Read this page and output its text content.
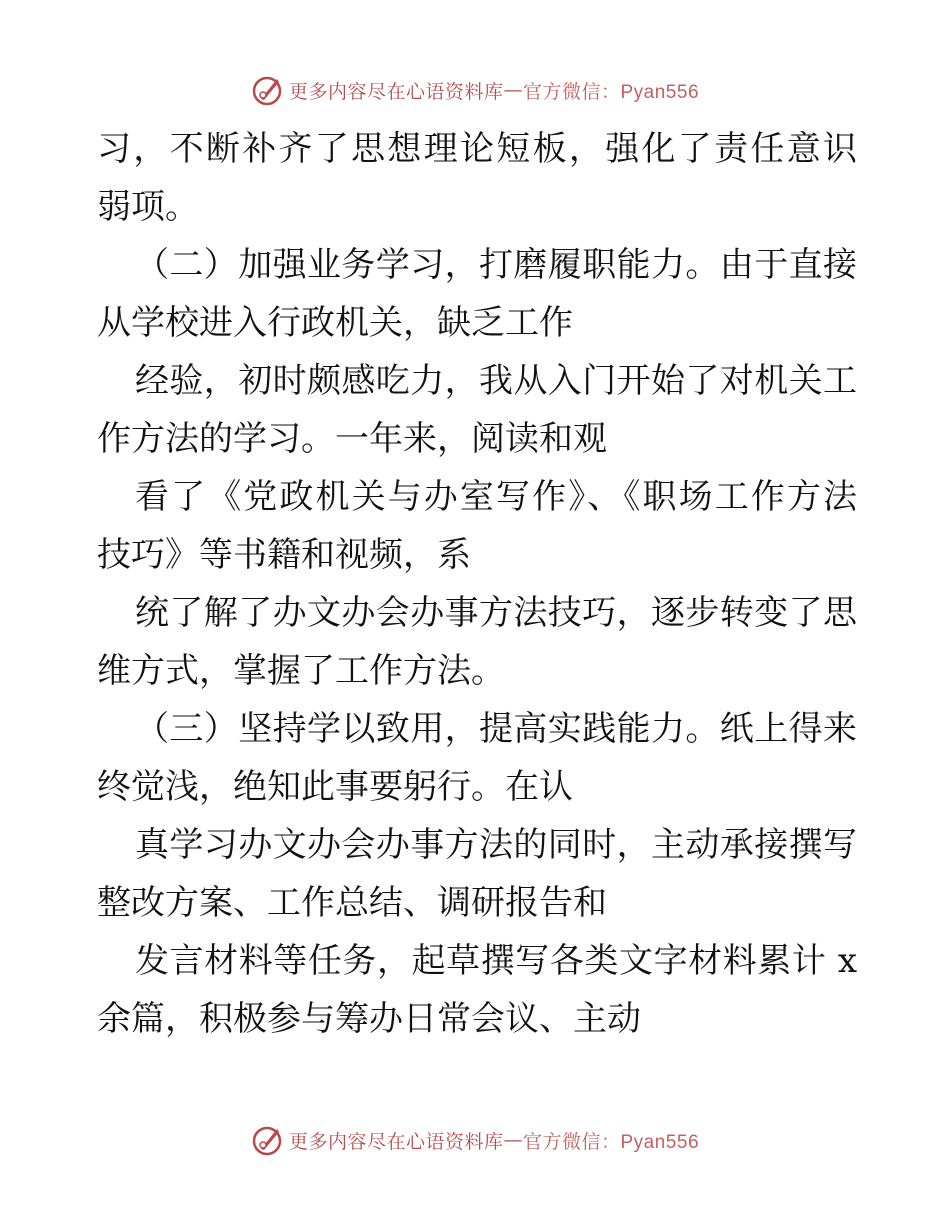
更多内容尽在心语资料库 — 官方微信：Pyan556
习，不断补齐了思想理论短板，强化了责任意识
弱项。
（二）加强业务学习，打磨履职能力。由于直接
从学校进入行政机关，缺乏工作
经验，初时颇感吃力，我从入门开始了对机关工
作方法的学习。一年来，阅读和观
看了《党政机关与办室写作》、《职场工作方法
技巧》等书籍和视频，系
统了解了办文办会办事方法技巧，逐步转变了思
维方式，掌握了工作方法。
（三）坚持学以致用，提高实践能力。纸上得来
终觉浅，绝知此事要躬行。在认
真学习办文办会办事方法的同时，主动承接撰写
整改方案、工作总结、调研报告和
发言材料等任务，起草撰写各类文字材料累计 x
余篇，积极参与筹办日常会议、主动
更多内容尽在心语资料库 — 官方微信：Pyan556
